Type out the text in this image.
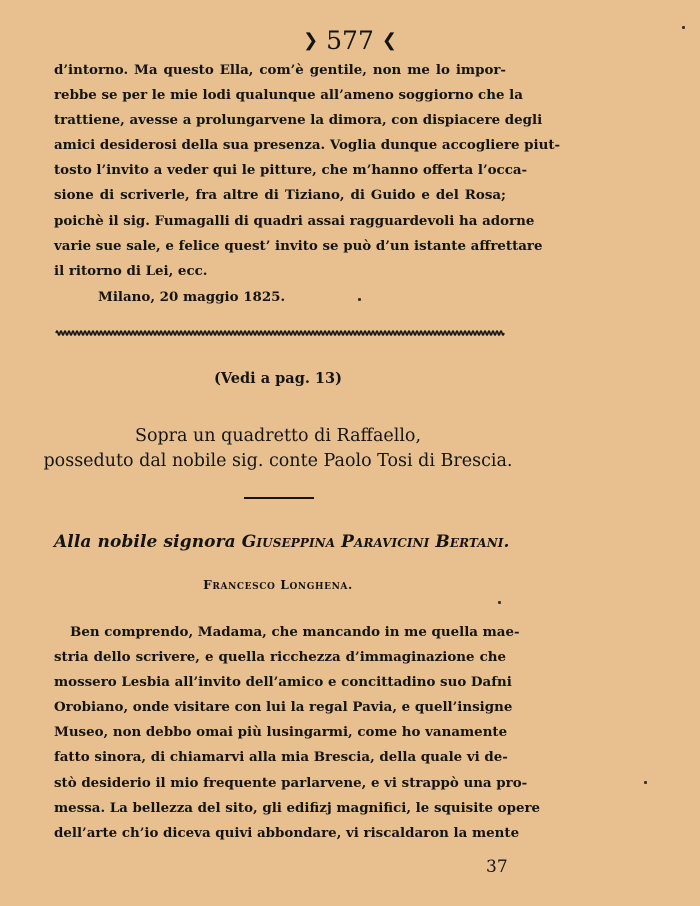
❯ 577 ❮
d’intorno. Ma questo Ella, com’è gentile, non me lo impor-
rebbe se per le mie lodi qualunque all’ameno soggiorno che la
trattiene, avesse a prolungarvene la dimora, con dispiacere degli
amici desiderosi della sua presenza. Voglia dunque accogliere piut-
tosto l’invito a veder qui le pitture, che m’hanno offerta l’occa-
sione di scriverle, fra altre di Tiziano, di Guido e del Rosa;
poichè il sig. Fumagalli di quadri assai ragguardevoli ha adorne
varie sue sale, e felice quest’ invito se può d’un istante affrettare
il ritorno di Lei, ecc.
Milano, 20 maggio 1825.
(Vedi a pag. 13)
Sopra un quadretto di Raffaello,
posseduto dal nobile sig. conte Paolo Tosi di Brescia.
Alla nobile signora Giuseppina Paravicini Bertani.
Francesco Longhena.
Ben comprendo, Madama, che mancando in me quella mae-
stria dello scrivere, e quella ricchezza d’immaginazione che
mossero Lesbia all’invito dell’amico e concittadino suo Dafni
Orobiano, onde visitare con lui la regal Pavia, e quell’insigne
Museo, non debbo omai più lusingarmi, come ho vanamente
fatto sinora, di chiamarvi alla mia Brescia, della quale vi de-
stò desiderio il mio frequente parlarvene, e vi strappò una pro-
messa. La bellezza del sito, gli edifizj magnifici, le squisite opere
dell’arte ch’io diceva quivi abbondare, vi riscaldaron la mente
37
